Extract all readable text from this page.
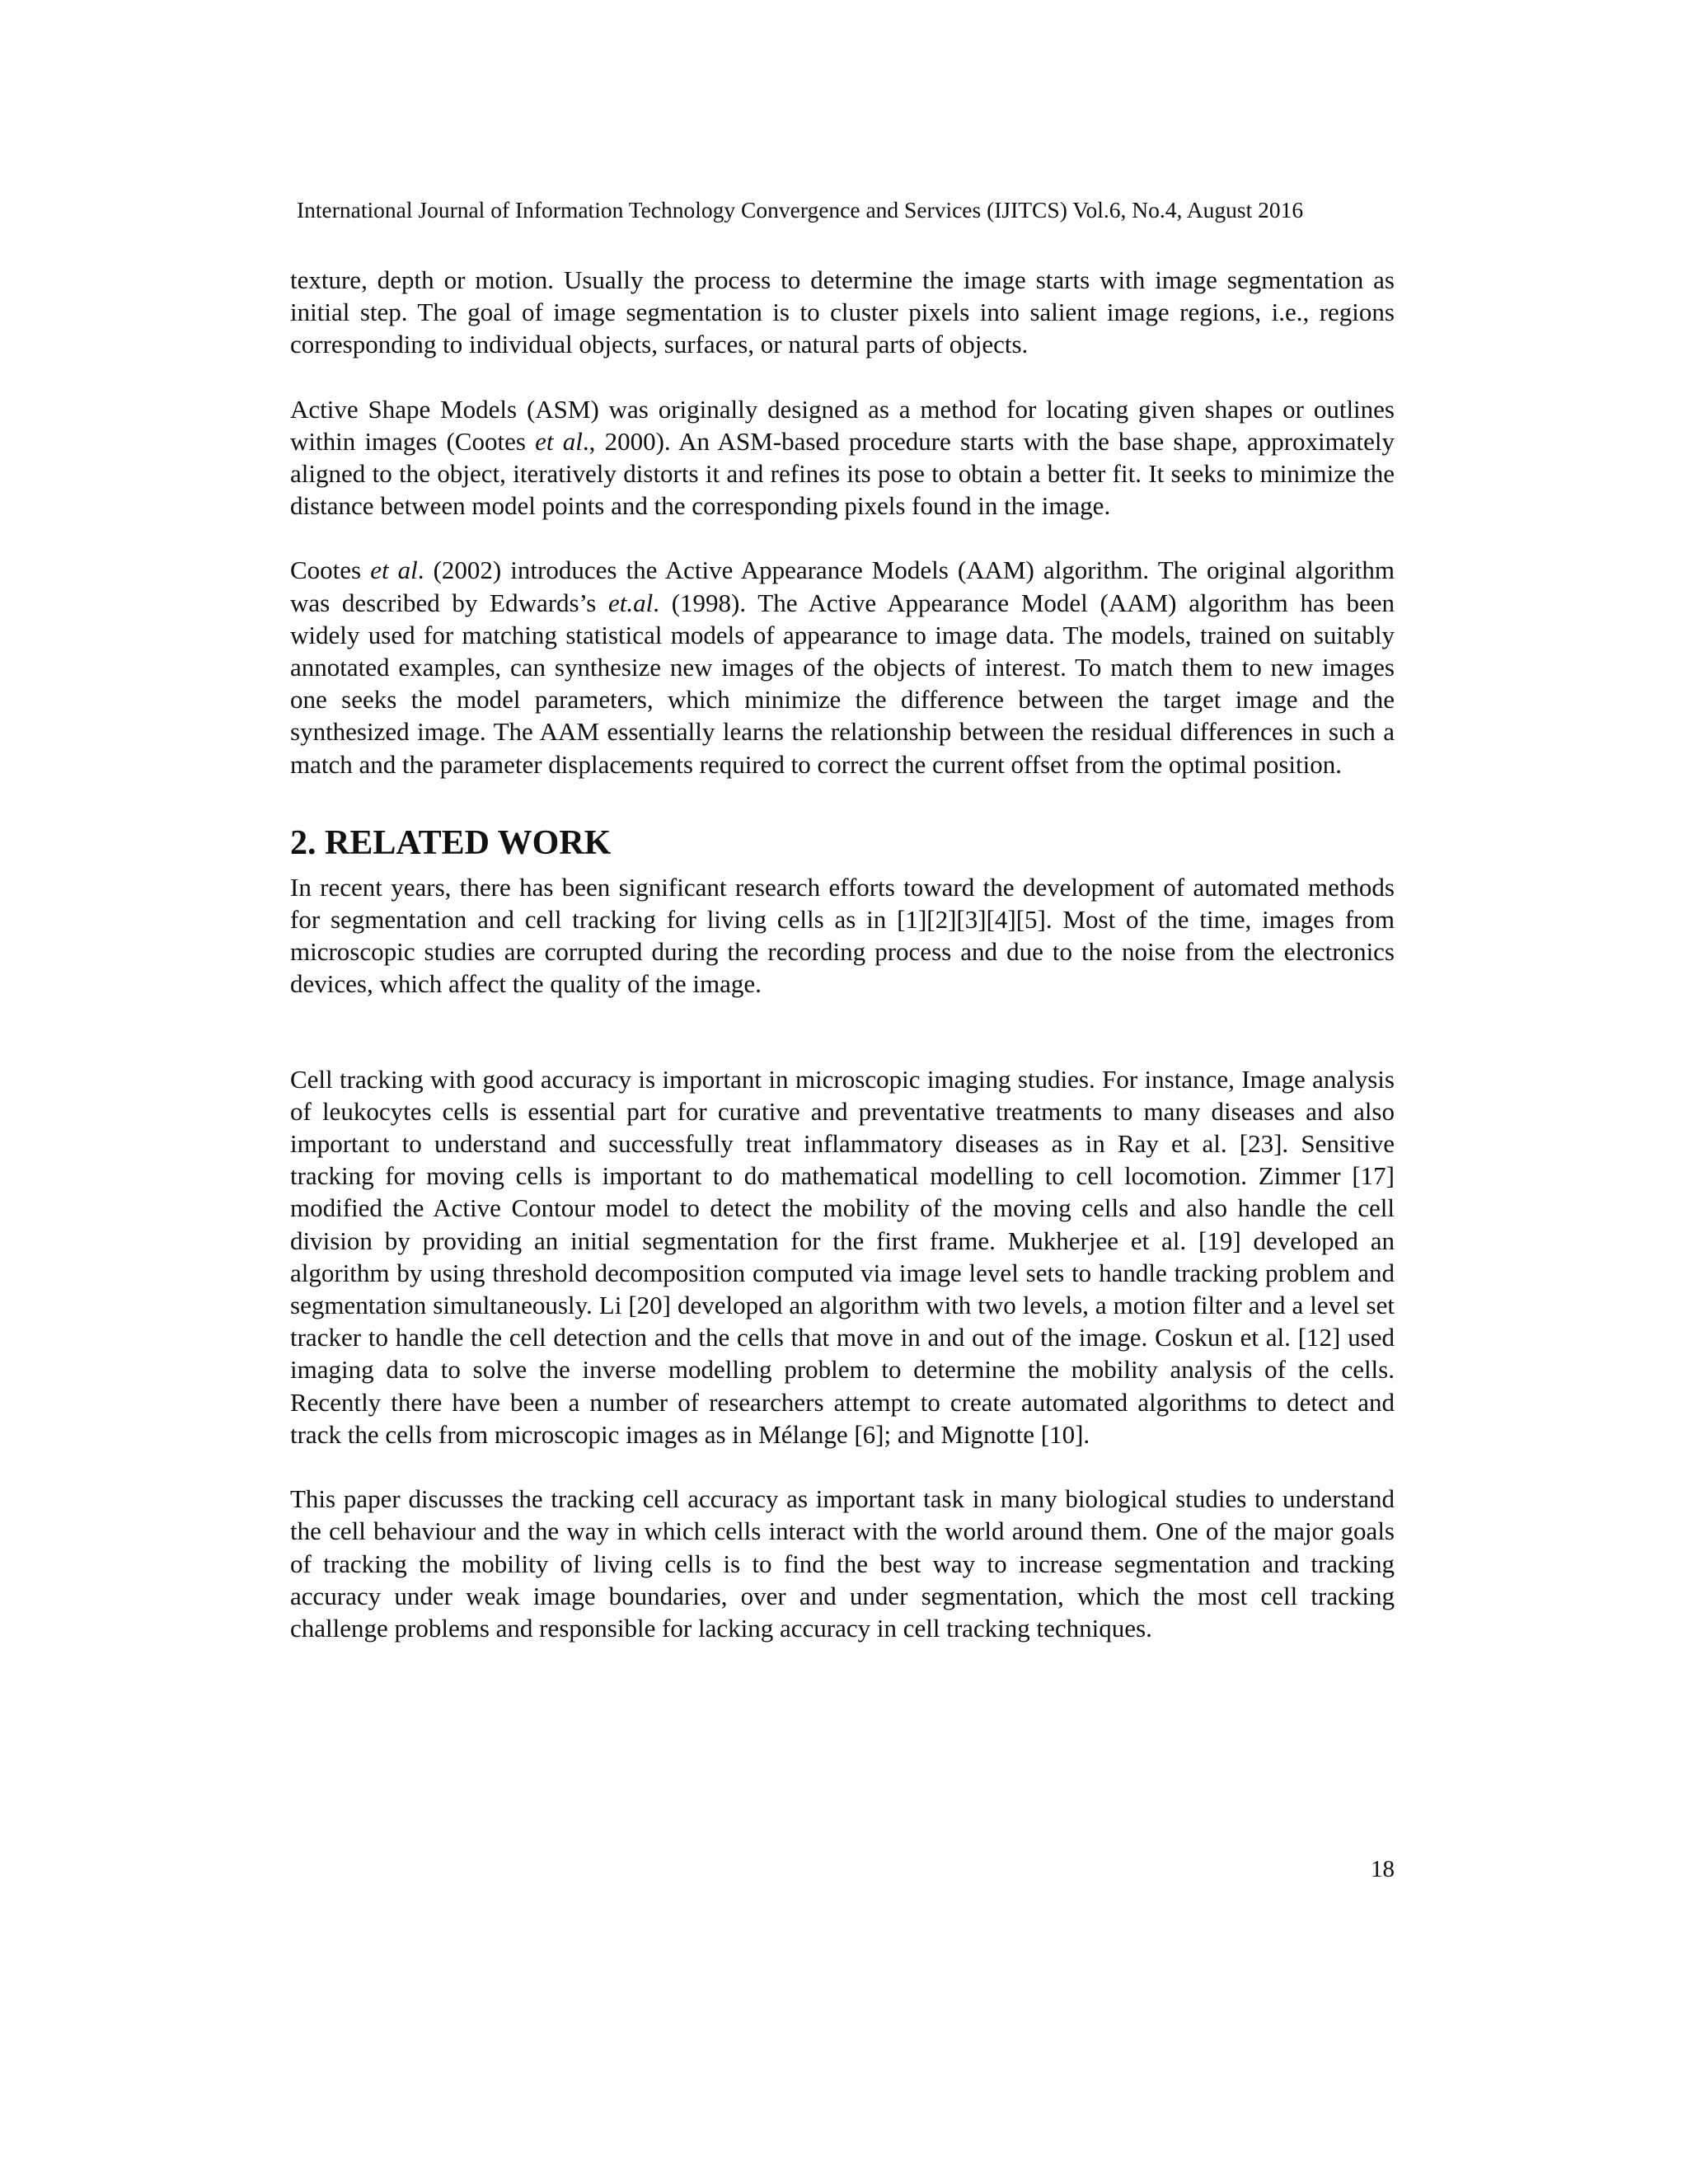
International Journal of Information Technology Convergence and Services (IJITCS) Vol.6, No.4, August 2016

texture, depth or motion. Usually the process to determine the image starts with image segmentation as initial step. The goal of image segmentation is to cluster pixels into salient image regions, i.e., regions corresponding to individual objects, surfaces, or natural parts of objects.

Active Shape Models (ASM) was originally designed as a method for locating given shapes or outlines within images (Cootes et al., 2000). An ASM-based procedure starts with the base shape, approximately aligned to the object, iteratively distorts it and refines its pose to obtain a better fit. It seeks to minimize the distance between model points and the corresponding pixels found in the image.

Cootes et al. (2002) introduces the Active Appearance Models (AAM) algorithm. The original algorithm was described by Edwards’s et.al. (1998). The Active Appearance Model (AAM) algorithm has been widely used for matching statistical models of appearance to image data. The models, trained on suitably annotated examples, can synthesize new images of the objects of interest. To match them to new images one seeks the model parameters, which minimize the difference between the target image and the synthesized image. The AAM essentially learns the relationship between the residual differences in such a match and the parameter displacements required to correct the current offset from the optimal position.

2. RELATED WORK

In recent years, there has been significant research efforts toward the development of automated methods for segmentation and cell tracking for living cells as in [1][2][3][4][5]. Most of the time, images from microscopic studies are corrupted during the recording process and due to the noise from the electronics devices, which affect the quality of the image.

Cell tracking with good accuracy is important in microscopic imaging studies. For instance, Image analysis of leukocytes cells is essential part for curative and preventative treatments to many diseases and also important to understand and successfully treat inflammatory diseases as in Ray et al. [23]. Sensitive tracking for moving cells is important to do mathematical modelling to cell locomotion. Zimmer [17] modified the Active Contour model to detect the mobility of the moving cells and also handle the cell division by providing an initial segmentation for the first frame. Mukherjee et al. [19] developed an algorithm by using threshold decomposition computed via image level sets to handle tracking problem and segmentation simultaneously. Li [20] developed an algorithm with two levels, a motion filter and a level set tracker to handle the cell detection and the cells that move in and out of the image. Coskun et al. [12] used imaging data to solve the inverse modelling problem to determine the mobility analysis of the cells. Recently there have been a number of researchers attempt to create automated algorithms to detect and track the cells from microscopic images as in Mélange [6]; and Mignotte [10].

This paper discusses the tracking cell accuracy as important task in many biological studies to understand the cell behaviour and the way in which cells interact with the world around them. One of the major goals of tracking the mobility of living cells is to find the best way to increase segmentation and tracking accuracy under weak image boundaries, over and under segmentation, which the most cell tracking challenge problems and responsible for lacking accuracy in cell tracking techniques.

18
